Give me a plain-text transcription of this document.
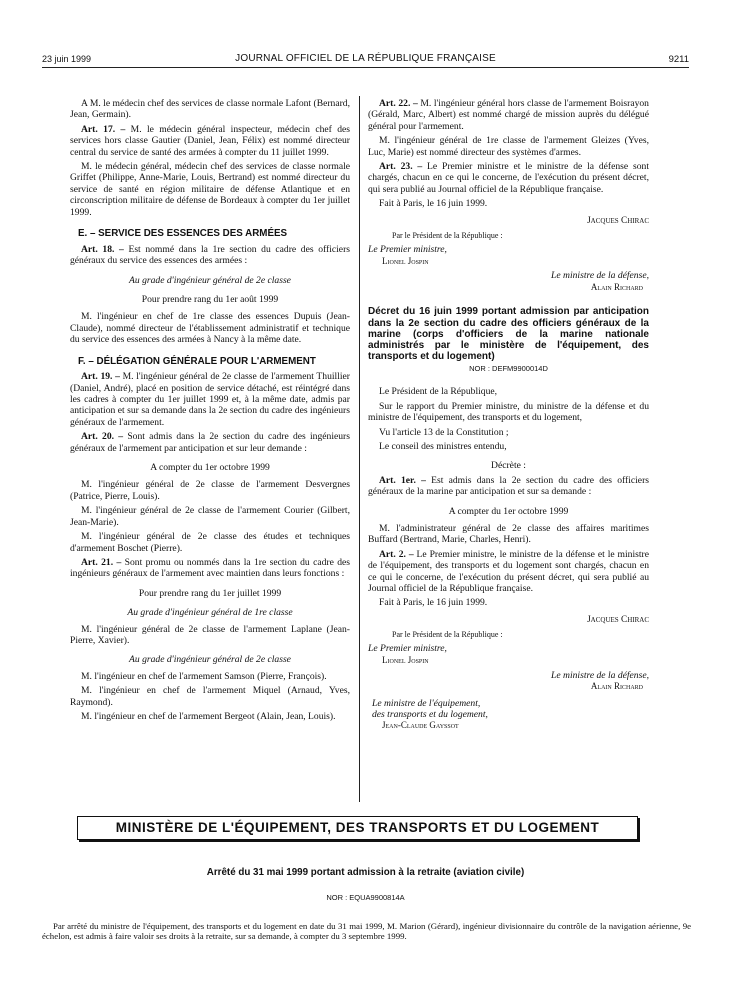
23 juin 1999	JOURNAL OFFICIEL DE LA RÉPUBLIQUE FRANÇAISE	9211

A M. le médecin chef des services de classe normale Lafont (Bernard, Jean, Germain).

Art. 17. – M. le médecin général inspecteur, médecin chef des services hors classe Gautier (Daniel, Jean, Félix) est nommé directeur central du service de santé des armées à compter du 11 juillet 1999.

M. le médecin général, médecin chef des services de classe normale Griffet (Philippe, Anne-Marie, Louis, Bertrand) est nommé directeur du service de santé en région militaire de défense Atlantique et en circonscription militaire de défense de Bordeaux à compter du 1er juillet 1999.

E. – SERVICE DES ESSENCES DES ARMÉES

Art. 18. – Est nommé dans la 1re section du cadre des officiers généraux du service des essences des armées :

Au grade d'ingénieur général de 2e classe

Pour prendre rang du 1er août 1999

M. l'ingénieur en chef de 1re classe des essences Dupuis (Jean-Claude), nommé directeur de l'établissement administratif et technique du service des essences des armées à Nancy à la même date.

F. – DÉLÉGATION GÉNÉRALE POUR L'ARMEMENT

Art. 19. – M. l'ingénieur général de 2e classe de l'armement Thuillier (Daniel, André), placé en position de service détaché, est réintégré dans les cadres à compter du 1er juillet 1999 et, à la même date, admis par anticipation et sur sa demande dans la 2e section du cadre des ingénieurs généraux de l'armement.

Art. 20. – Sont admis dans la 2e section du cadre des ingénieurs généraux de l'armement par anticipation et sur leur demande :

A compter du 1er octobre 1999

M. l'ingénieur général de 2e classe de l'armement Desvergnes (Patrice, Pierre, Louis).

M. l'ingénieur général de 2e classe de l'armement Courier (Gilbert, Jean-Marie).

M. l'ingénieur général de 2e classe des études et techniques d'armement Boschet (Pierre).

Art. 21. – Sont promu ou nommés dans la 1re section du cadre des ingénieurs généraux de l'armement avec maintien dans leurs fonctions :

Pour prendre rang du 1er juillet 1999

Au grade d'ingénieur général de 1re classe

M. l'ingénieur général de 2e classe de l'armement Laplane (Jean-Pierre, Xavier).

Au grade d'ingénieur général de 2e classe

M. l'ingénieur en chef de l'armement Samson (Pierre, François).

M. l'ingénieur en chef de l'armement Miquel (Arnaud, Yves, Raymond).

M. l'ingénieur en chef de l'armement Bergeot (Alain, Jean, Louis).

Art. 22. – M. l'ingénieur général hors classe de l'armement Boisrayon (Gérald, Marc, Albert) est nommé chargé de mission auprès du délégué général pour l'armement.

M. l'ingénieur général de 1re classe de l'armement Gleizes (Yves, Luc, Marie) est nommé directeur des systèmes d'armes.

Art. 23. – Le Premier ministre et le ministre de la défense sont chargés, chacun en ce qui le concerne, de l'exécution du présent décret, qui sera publié au Journal officiel de la République française.

Fait à Paris, le 16 juin 1999.

Jacques Chirac
Par le Président de la République :
Le Premier ministre,
Lionel Jospin
Le ministre de la défense,
Alain Richard
Décret du 16 juin 1999 portant admission par anticipation dans la 2e section du cadre des officiers généraux de la marine (corps d'officiers de la marine nationale administrés par le ministère de l'équipement, des transports et du logement)
NOR : DEFM9900014D

Le Président de la République,

Sur le rapport du Premier ministre, du ministre de la défense et du ministre de l'équipement, des transports et du logement,

Vu l'article 13 de la Constitution ;

Le conseil des ministres entendu,

Décrète :

Art. 1er. – Est admis dans la 2e section du cadre des officiers généraux de la marine par anticipation et sur sa demande :

A compter du 1er octobre 1999

M. l'administrateur général de 2e classe des affaires maritimes Buffard (Bertrand, Marie, Charles, Henri).

Art. 2. – Le Premier ministre, le ministre de la défense et le ministre de l'équipement, des transports et du logement sont chargés, chacun en ce qui le concerne, de l'exécution du présent décret, qui sera publié au Journal officiel de la République française.

Fait à Paris, le 16 juin 1999.

Jacques Chirac
Par le Président de la République :
Le Premier ministre,
Lionel Jospin
Le ministre de la défense,
Alain Richard
Le ministre de l'équipement,
des transports et du logement,
Jean-Claude Gayssot
MINISTÈRE DE L'ÉQUIPEMENT, DES TRANSPORTS ET DU LOGEMENT
Arrêté du 31 mai 1999 portant admission à la retraite (aviation civile)
NOR : EQUA9900814A
Par arrêté du ministre de l'équipement, des transports et du logement en date du 31 mai 1999, M. Marion (Gérard), ingénieur divisionnaire du contrôle de la navigation aérienne, 9e échelon, est admis à faire valoir ses droits à la retraite, sur sa demande, à compter du 3 septembre 1999.
